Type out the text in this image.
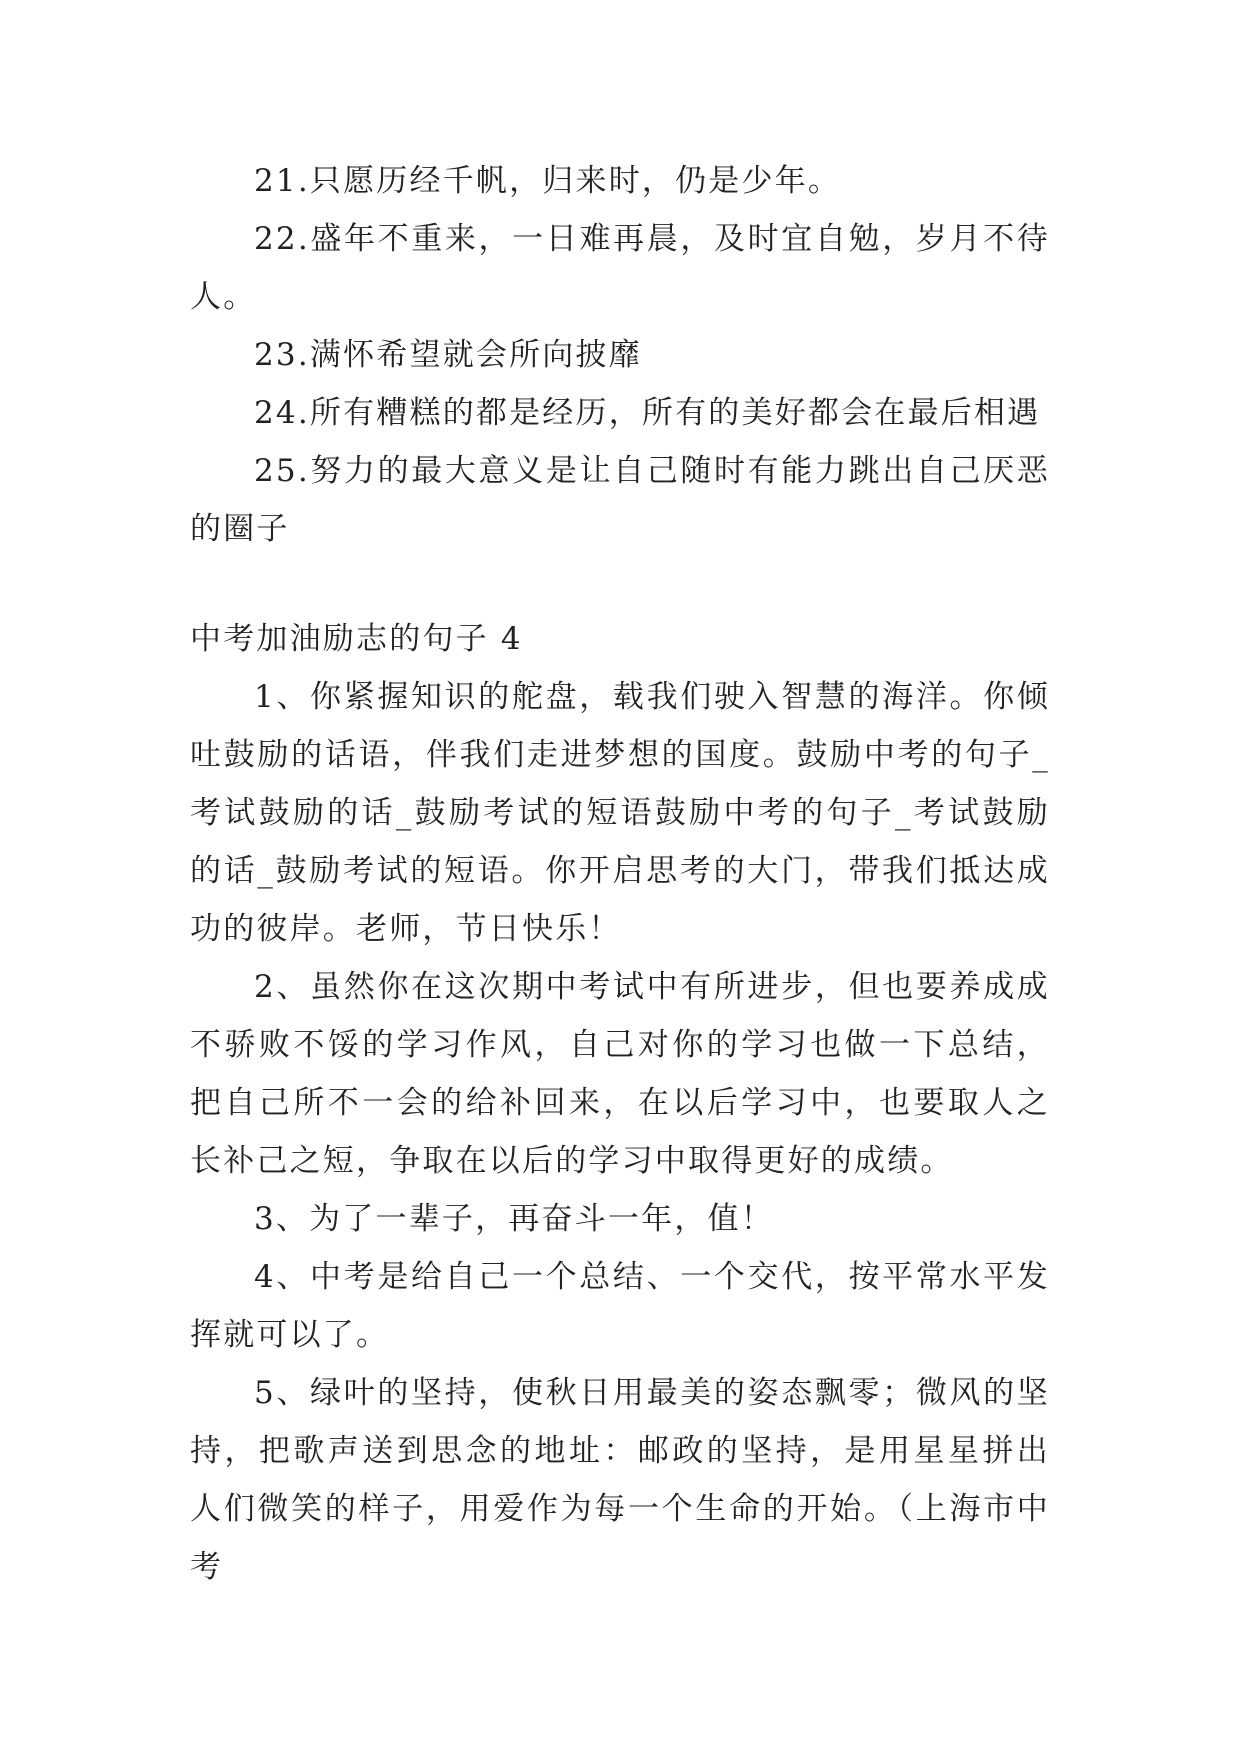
21.只愿历经千帆，归来时，仍是少年。

22.盛年不重来，一日难再晨，及时宜自勉，岁月不待人。

23.满怀希望就会所向披靡

24.所有糟糕的都是经历，所有的美好都会在最后相遇

25.努力的最大意义是让自己随时有能力跳出自己厌恶的圈子

中考加油励志的句子 4

1、你紧握知识的舵盘，载我们驶入智慧的海洋。你倾吐鼓励的话语，伴我们走进梦想的国度。鼓励中考的句子_考试鼓励的话_鼓励考试的短语鼓励中考的句子_考试鼓励的话_鼓励考试的短语。你开启思考的大门，带我们抵达成功的彼岸。老师，节日快乐！

2、虽然你在这次期中考试中有所进步，但也要养成成不骄败不馁的学习作风，自己对你的学习也做一下总结，把自己所不一会的给补回来，在以后学习中，也要取人之长补己之短，争取在以后的学习中取得更好的成绩。

3、为了一辈子，再奋斗一年，值！

4、中考是给自己一个总结、一个交代，按平常水平发挥就可以了。

5、绿叶的坚持，使秋日用最美的姿态飘零；微风的坚持，把歌声送到思念的地址：邮政的坚持，是用星星拼出人们微笑的样子，用爱作为每一个生命的开始。（上海市中考
